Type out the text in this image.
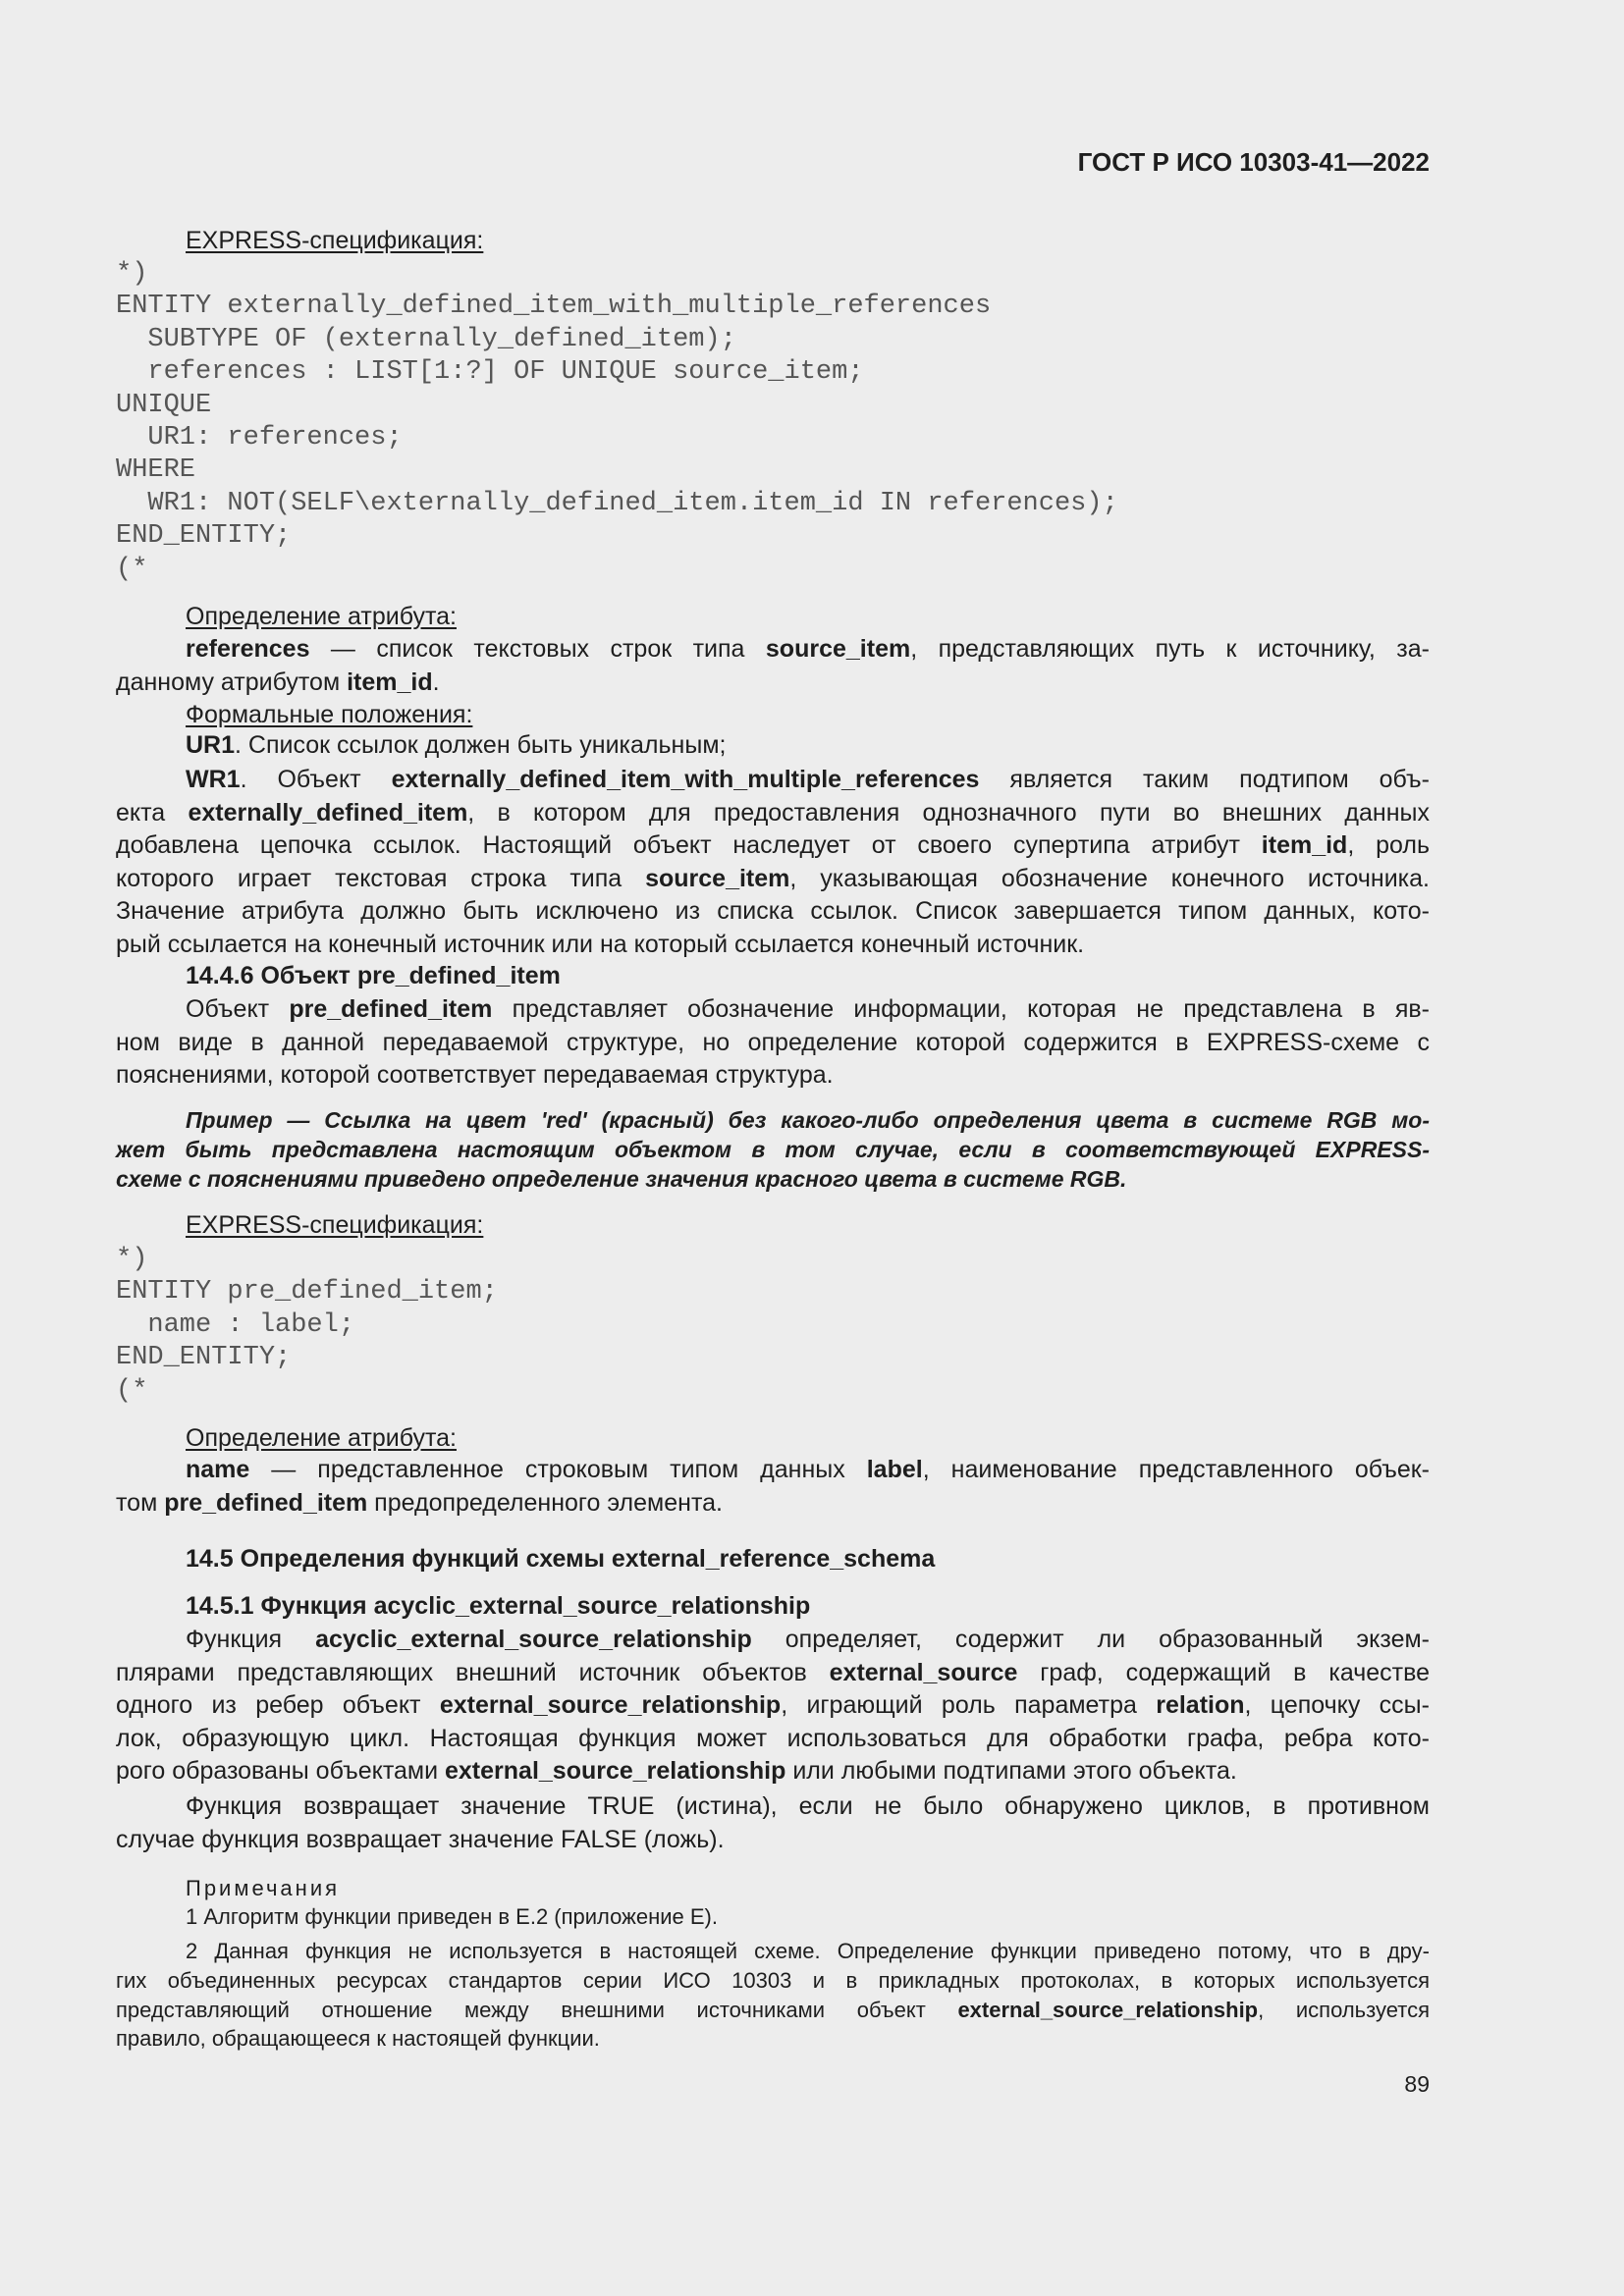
ГОСТ Р ИСО 10303-41—2022
EXPRESS-спецификация:
*)
ENTITY externally_defined_item_with_multiple_references
SUBTYPE OF (externally_defined_item);
references : LIST[1:?] OF UNIQUE source_item;
UNIQUE
UR1: references;
WHERE
WR1: NOT(SELF\externally_defined_item.item_id IN references);
END_ENTITY;
(*
Определение атрибута:
references — список текстовых строк типа source_item, представляющих путь к источнику, за-
данному атрибутом item_id.
Формальные положения:
UR1. Список ссылок должен быть уникальным;
WR1. Объект externally_defined_item_with_multiple_references является таким подтипом объ-
екта externally_defined_item, в котором для предоставления однозначного пути во внешних данных
добавлена цепочка ссылок. Настоящий объект наследует от своего супертипа атрибут item_id, роль
которого играет текстовая строка типа source_item, указывающая обозначение конечного источника.
Значение атрибута должно быть исключено из списка ссылок. Список завершается типом данных, кото-
рый ссылается на конечный источник или на который ссылается конечный источник.
14.4.6 Объект pre_defined_item
Объект pre_defined_item представляет обозначение информации, которая не представлена в яв-
ном виде в данной передаваемой структуре, но определение которой содержится в EXPRESS-схеме с
пояснениями, которой соответствует передаваемая структура.
Пример — Ссылка на цвет 'red' (красный) без какого-либо определения цвета в системе RGB мо-
жет быть представлена настоящим объектом в том случае, если в соответствующей EXPRESS-
схеме с пояснениями приведено определение значения красного цвета в системе RGB.
EXPRESS-спецификация:
*)
ENTITY pre_defined_item;
name : label;
END_ENTITY;
(*
Определение атрибута:
name — представленное строковым типом данных label, наименование представленного объек-
том pre_defined_item предопределенного элемента.
14.5 Определения функций схемы external_reference_schema
14.5.1 Функция acyclic_external_source_relationship
Функция acyclic_external_source_relationship определяет, содержит ли образованный экзем-
плярами представляющих внешний источник объектов external_source граф, содержащий в качестве
одного из ребер объект external_source_relationship, играющий роль параметра relation, цепочку ссы-
лок, образующую цикл. Настоящая функция может использоваться для обработки графа, ребра кото-
рого образованы объектами external_source_relationship или любыми подтипами этого объекта.
Функция возвращает значение TRUE (истина), если не было обнаружено циклов, в противном
случае функция возвращает значение FALSE (ложь).
Примечания
1 Алгоритм функции приведен в Е.2 (приложение Е).
2 Данная функция не используется в настоящей схеме. Определение функции приведено потому, что в дру-
гих объединенных ресурсах стандартов серии ИСО 10303 и в прикладных протоколах, в которых используется
представляющий отношение между внешними источниками объект external_source_relationship, используется
правило, обращающееся к настоящей функции.
89
